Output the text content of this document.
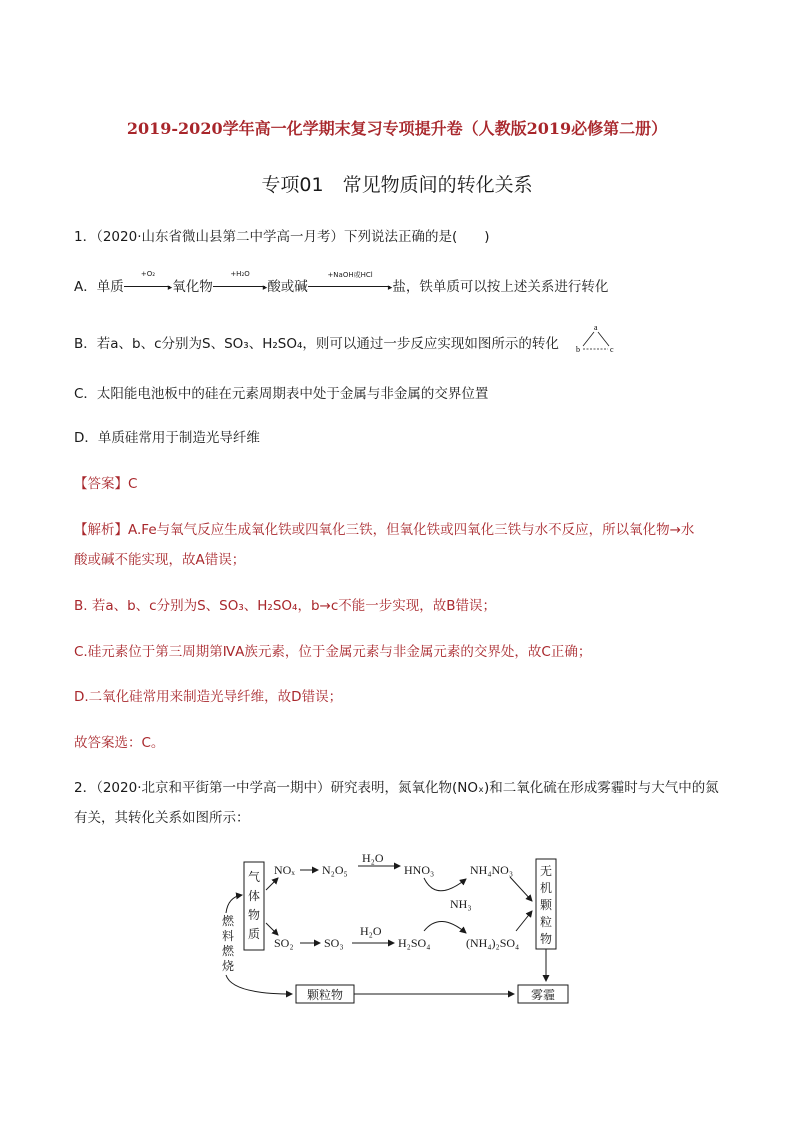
2019-2020学年高一化学期末复习专项提升卷（人教版2019必修第二册）
专项01　常见物质间的转化关系
1．（2020·山东省微山县第二中学高一月考）下列说法正确的是(　　)
A．单质
+O₂
▸氧化物
+H₂O
▸酸或碱
+NaOH或HCl
▸盐，铁单质可以按上述关系进行转化
B．若a、b、c分别为S、SO₃、H₂SO₄，则可以通过一步反应实现如图所示的转化
a
b	c
C．太阳能电池板中的硅在元素周期表中处于金属与非金属的交界位置
D．单质硅常用于制造光导纤维
【答案】C
【解析】A.Fe与氧气反应生成氧化铁或四氧化三铁，但氧化铁或四氧化三铁与水不反应，所以氧化物→水
酸或碱不能实现，故A错误；
B. 若a、b、c分别为S、SO₃、H₂SO₄，b→c不能一步实现，故B错误；
C.硅元素位于第三周期第ⅣA族元素，位于金属元素与非金属元素的交界处，故C正确；
D.二氧化硅常用来制造光导纤维，故D错误；
故答案选：C。
2．（2020·北京和平街第一中学高一期中）研究表明，氮氧化物(NOₓ)和二氧化硫在形成雾霾时与大气中的氮
有关，其转化关系如图所示：
燃
料
燃
烧
气
体
物
质
NOₓ N₂O₅
H₂O
HNO₃	NH₄NO₃
NH₃
SO₂	SO₃
H₂O
H₂SO₄	(NH₄)₂SO₄
无
机
颗
粒
物
颗粒物	雾霾
